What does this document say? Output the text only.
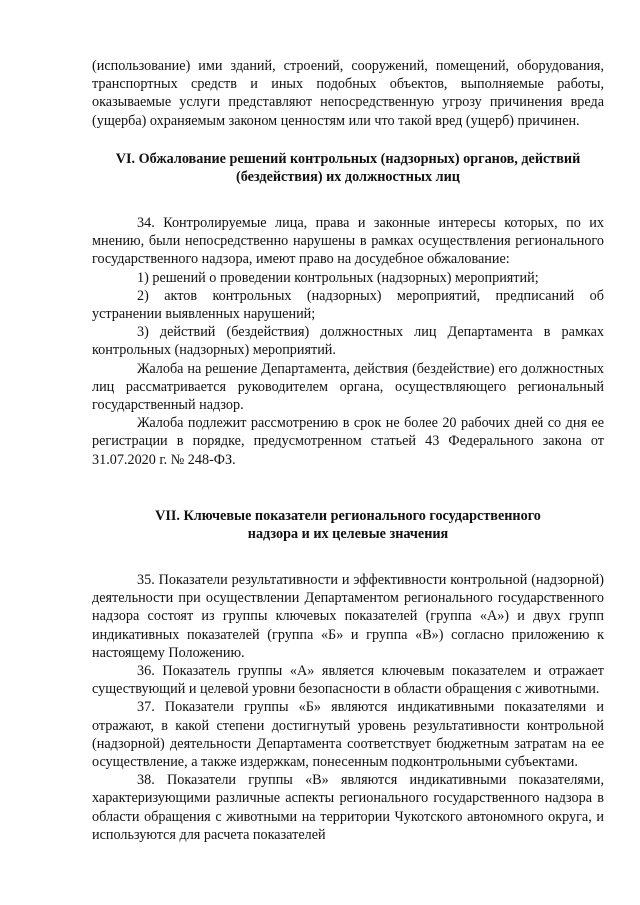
(использование) ими зданий, строений, сооружений, помещений, оборудования, транспортных средств и иных подобных объектов, выполняемые работы, оказываемые услуги представляют непосредственную угрозу причинения вреда (ущерба) охраняемым законом ценностям или что такой вред (ущерб) причинен.

VI. Обжалование решений контрольных (надзорных) органов, действий
(бездействия) их должностных лиц

34. Контролируемые лица, права и законные интересы которых, по их мнению, были непосредственно нарушены в рамках осуществления регионального государственного надзора, имеют право на досудебное обжалование:

1) решений о проведении контрольных (надзорных) мероприятий;

2) актов контрольных (надзорных) мероприятий, предписаний об устранении выявленных нарушений;

3) действий (бездействия) должностных лиц Департамента в рамках контрольных (надзорных) мероприятий.

Жалоба на решение Департамента, действия (бездействие) его должностных лиц рассматривается руководителем органа, осуществляющего региональный государственный надзор.

Жалоба подлежит рассмотрению в срок не более 20 рабочих дней со дня ее регистрации в порядке, предусмотренном статьей 43 Федерального закона от 31.07.2020 г. № 248-ФЗ.

VII. Ключевые показатели регионального государственного
надзора и их целевые значения

35. Показатели результативности и эффективности контрольной (надзорной) деятельности при осуществлении Департаментом регионального государственного надзора состоят из группы ключевых показателей (группа «А») и двух групп индикативных показателей (группа «Б» и группа «В») согласно приложению к настоящему Положению.

36. Показатель группы «А» является ключевым показателем и отражает существующий и целевой уровни безопасности в области обращения с животными.

37. Показатели группы «Б» являются индикативными показателями и отражают, в какой степени достигнутый уровень результативности контрольной (надзорной) деятельности Департамента соответствует бюджетным затратам на ее осуществление, а также издержкам, понесенным подконтрольными субъектами.

38. Показатели группы «В» являются индикативными показателями, характеризующими различные аспекты регионального государственного надзора в области обращения с животными на территории Чукотского автономного округа, и используются для расчета показателей
